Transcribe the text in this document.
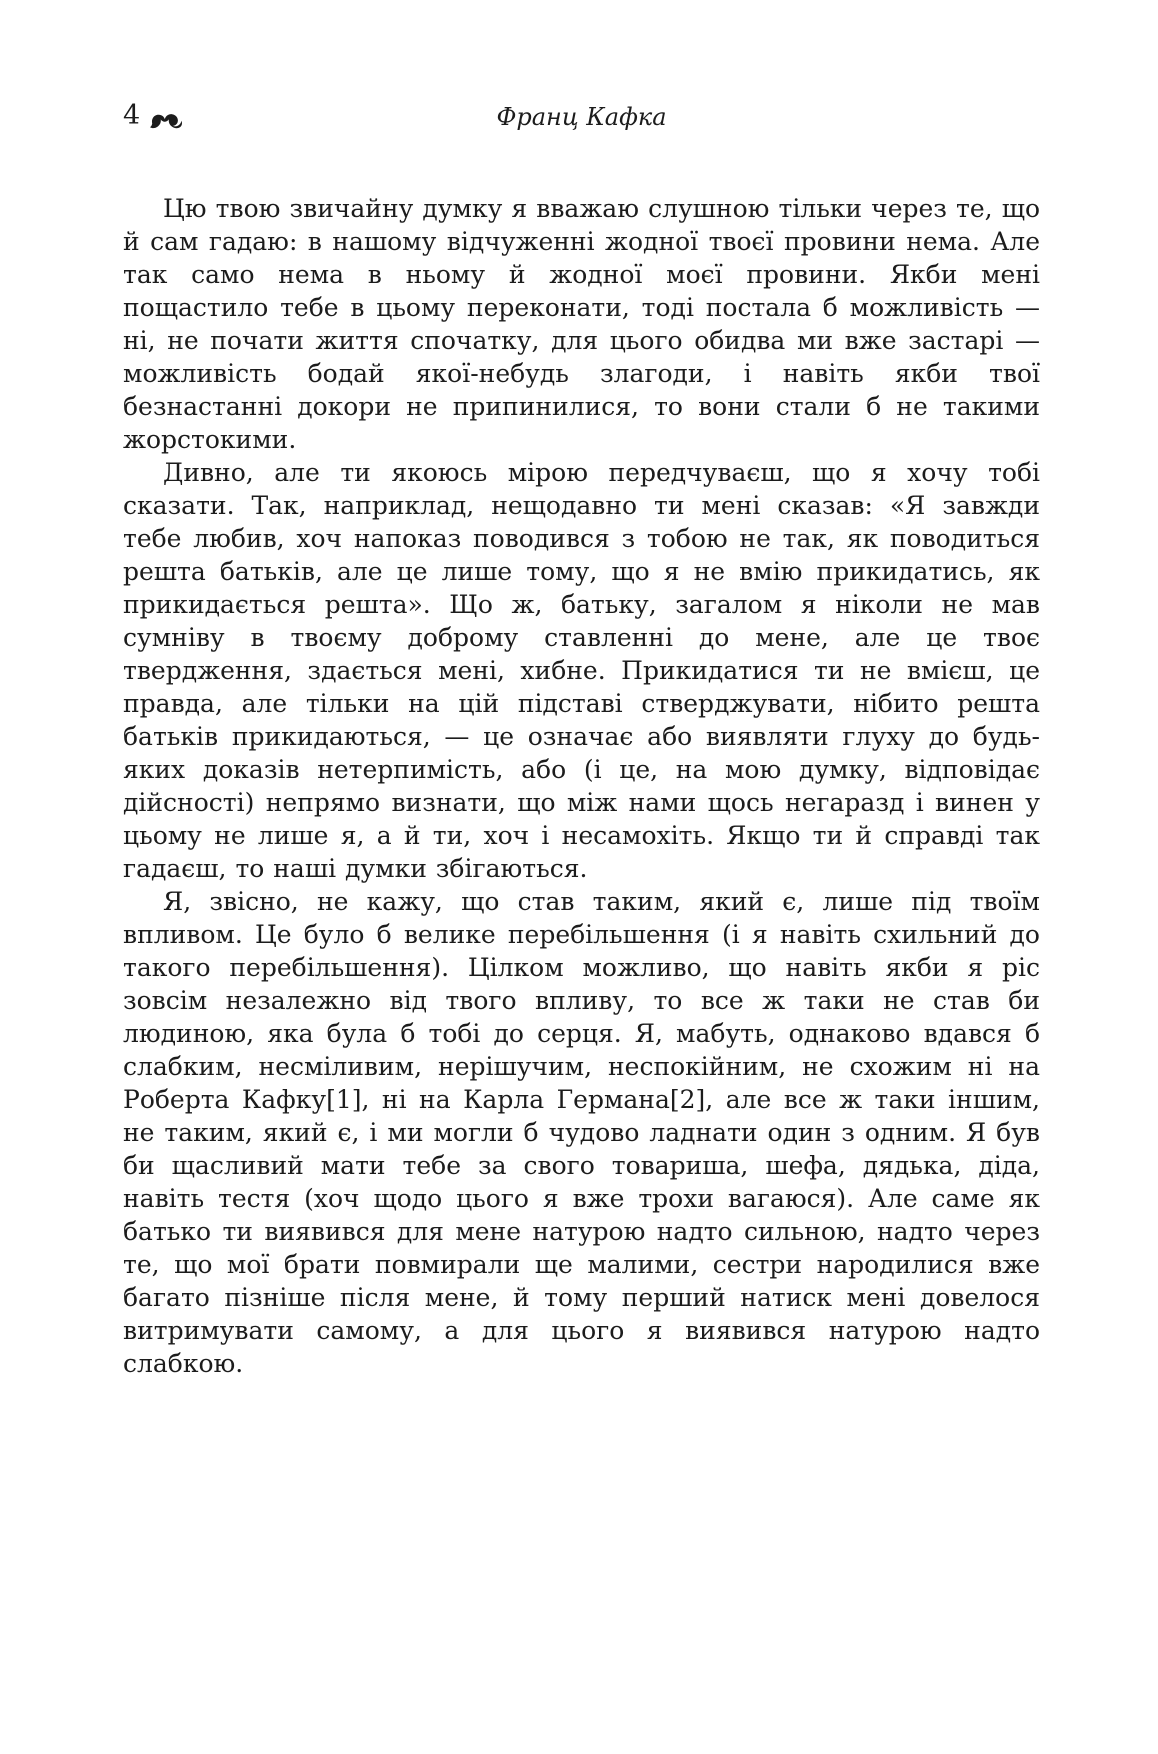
4	Франц Кафка

Цю твою звичайну думку я вважаю слушною тільки через те, що й сам гадаю: в нашому відчуженні жодної твоєї провини нема. Але так само нема в ньому й жодної моєї провини. Якби мені пощастило тебе в цьому переконати, тоді постала б можливість — ні, не почати життя спочатку, для цього обидва ми вже застарі — можливість бодай якої-небудь злагоди, і навіть якби твої безнастанні докори не припинилися, то вони стали б не такими жорстокими.

Дивно, але ти якоюсь мірою передчуваєш, що я хочу тобі сказати. Так, наприклад, нещодавно ти мені сказав: «Я завжди тебе любив, хоч напоказ поводився з тобою не так, як поводиться решта батьків, але це лише тому, що я не вмію прикидатись, як прикидається решта». Що ж, батьку, загалом я ніколи не мав сумніву в твоєму доброму ставленні до мене, але це твоє твердження, здається мені, хибне. Прикидатися ти не вмієш, це правда, але тільки на цій підставі стверджувати, нібито решта батьків прикидаються, — це означає або виявляти глуху до будь-яких доказів нетерпимість, або (і це, на мою думку, відповідає дійсності) непрямо визнати, що між нами щось негаразд і винен у цьому не лише я, а й ти, хоч і несамохіть. Якщо ти й справді так гадаєш, то наші думки збігаються.

Я, звісно, не кажу, що став таким, який є, лише під твоїм впливом. Це було б велике перебільшення (і я навіть схильний до такого перебільшення). Цілком можливо, що навіть якби я ріс зовсім незалежно від твого впливу, то все ж таки не став би людиною, яка була б тобі до серця. Я, мабуть, однаково вдався б слабким, несміливим, нерішучим, неспокійним, не схожим ні на Роберта Кафку[1], ні на Карла Германа[2], але все ж таки іншим, не таким, який є, і ми могли б чудово ладнати один з одним. Я був би щасливий мати тебе за свого товариша, шефа, дядька, діда, навіть тестя (хоч щодо цього я вже трохи вагаюся). Але саме як батько ти виявився для мене натурою надто сильною, надто через те, що мої брати повмирали ще малими, сестри народилися вже багато пізніше після мене, й тому перший натиск мені довелося витримувати самому, а для цього я виявився натурою надто слабкою.
